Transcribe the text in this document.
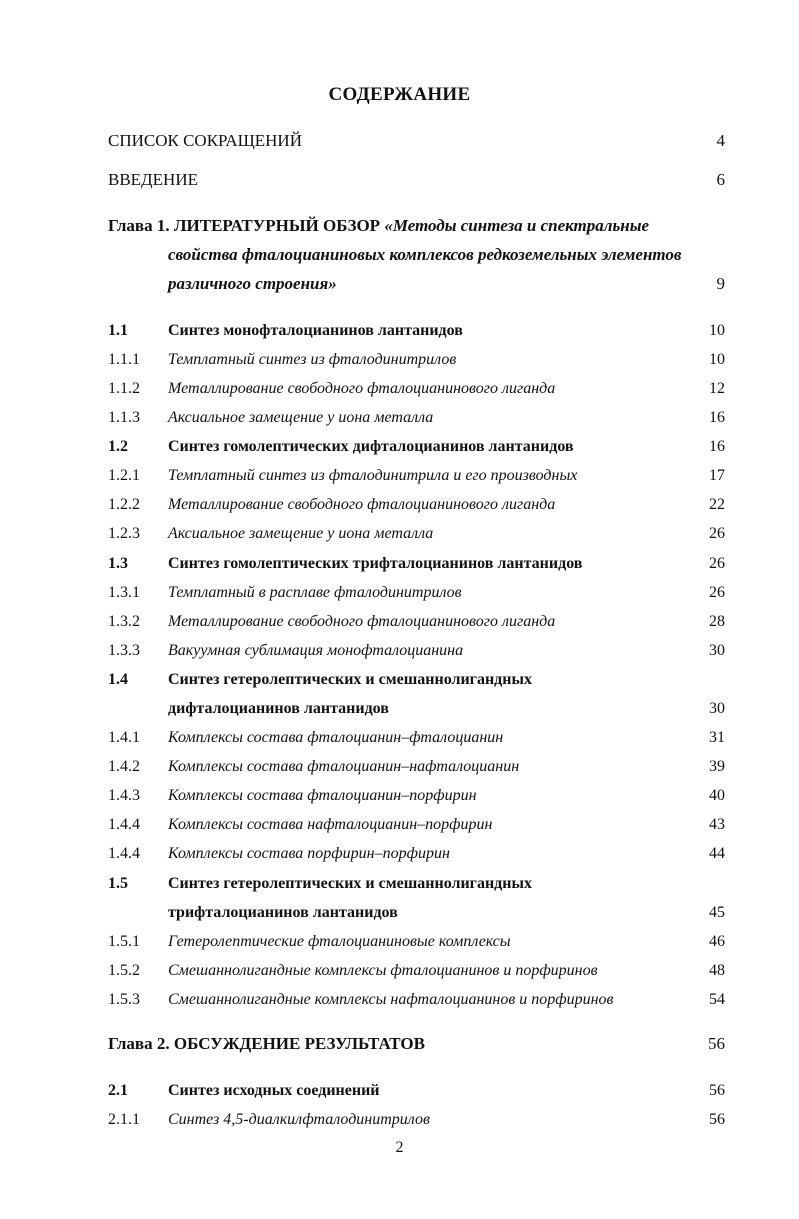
СОДЕРЖАНИЕ
СПИСОК СОКРАЩЕНИЙ	4
ВВЕДЕНИЕ	6
Глава 1. ЛИТЕРАТУРНЫЙ ОБЗОР «Методы синтеза и спектральные
свойства фталоцианиновых комплексов редкоземельных элементов
различного строения»	9
1.1	Синтез монофталоцианинов лантанидов	10
1.1.1 Темплатный синтез из фталодинитрилов	10
1.1.2 Металлирование свободного фталоцианинового лиганда	12
1.1.3 Аксиальное замещение у иона металла	16
1.2	Синтез гомолептических дифталоцианинов лантанидов	16
1.2.1 Темплатный синтез из фталодинитрила и его производных	17
1.2.2 Металлирование свободного фталоцианинового лиганда	22
1.2.3 Аксиальное замещение у иона металла	26
1.3	Синтез гомолептических трифталоцианинов лантанидов	26
1.3.1 Темплатный в расплаве фталодинитрилов	26
1.3.2 Металлирование свободного фталоцианинового лиганда	28
1.3.3 Вакуумная сублимация монофталоцианина	30
1.4	Синтез гетеролептических и смешаннолигандных
дифталоцианинов лантанидов	30
1.4.1 Комплексы состава фталоцианин–фталоцианин	31
1.4.2 Комплексы состава фталоцианин–нафталоцианин	39
1.4.3 Комплексы состава фталоцианин–порфирин	40
1.4.4 Комплексы состава нафталоцианин–порфирин	43
1.4.4 Комплексы состава порфирин–порфирин	44
1.5	Синтез гетеролептических и смешаннолигандных
трифталоцианинов лантанидов	45
1.5.1 Гетеролептические фталоцианиновые комплексы	46
1.5.2 Смешаннолигандные комплексы фталоцианинов и порфиринов	48
1.5.3 Смешаннолигандные комплексы нафталоцианинов и порфиринов	54
Глава 2. ОБСУЖДЕНИЕ РЕЗУЛЬТАТОВ	56
2.1	Синтез исходных соединений	56
2.1.1 Синтез 4,5-диалкилфталодинитрилов	56
2
